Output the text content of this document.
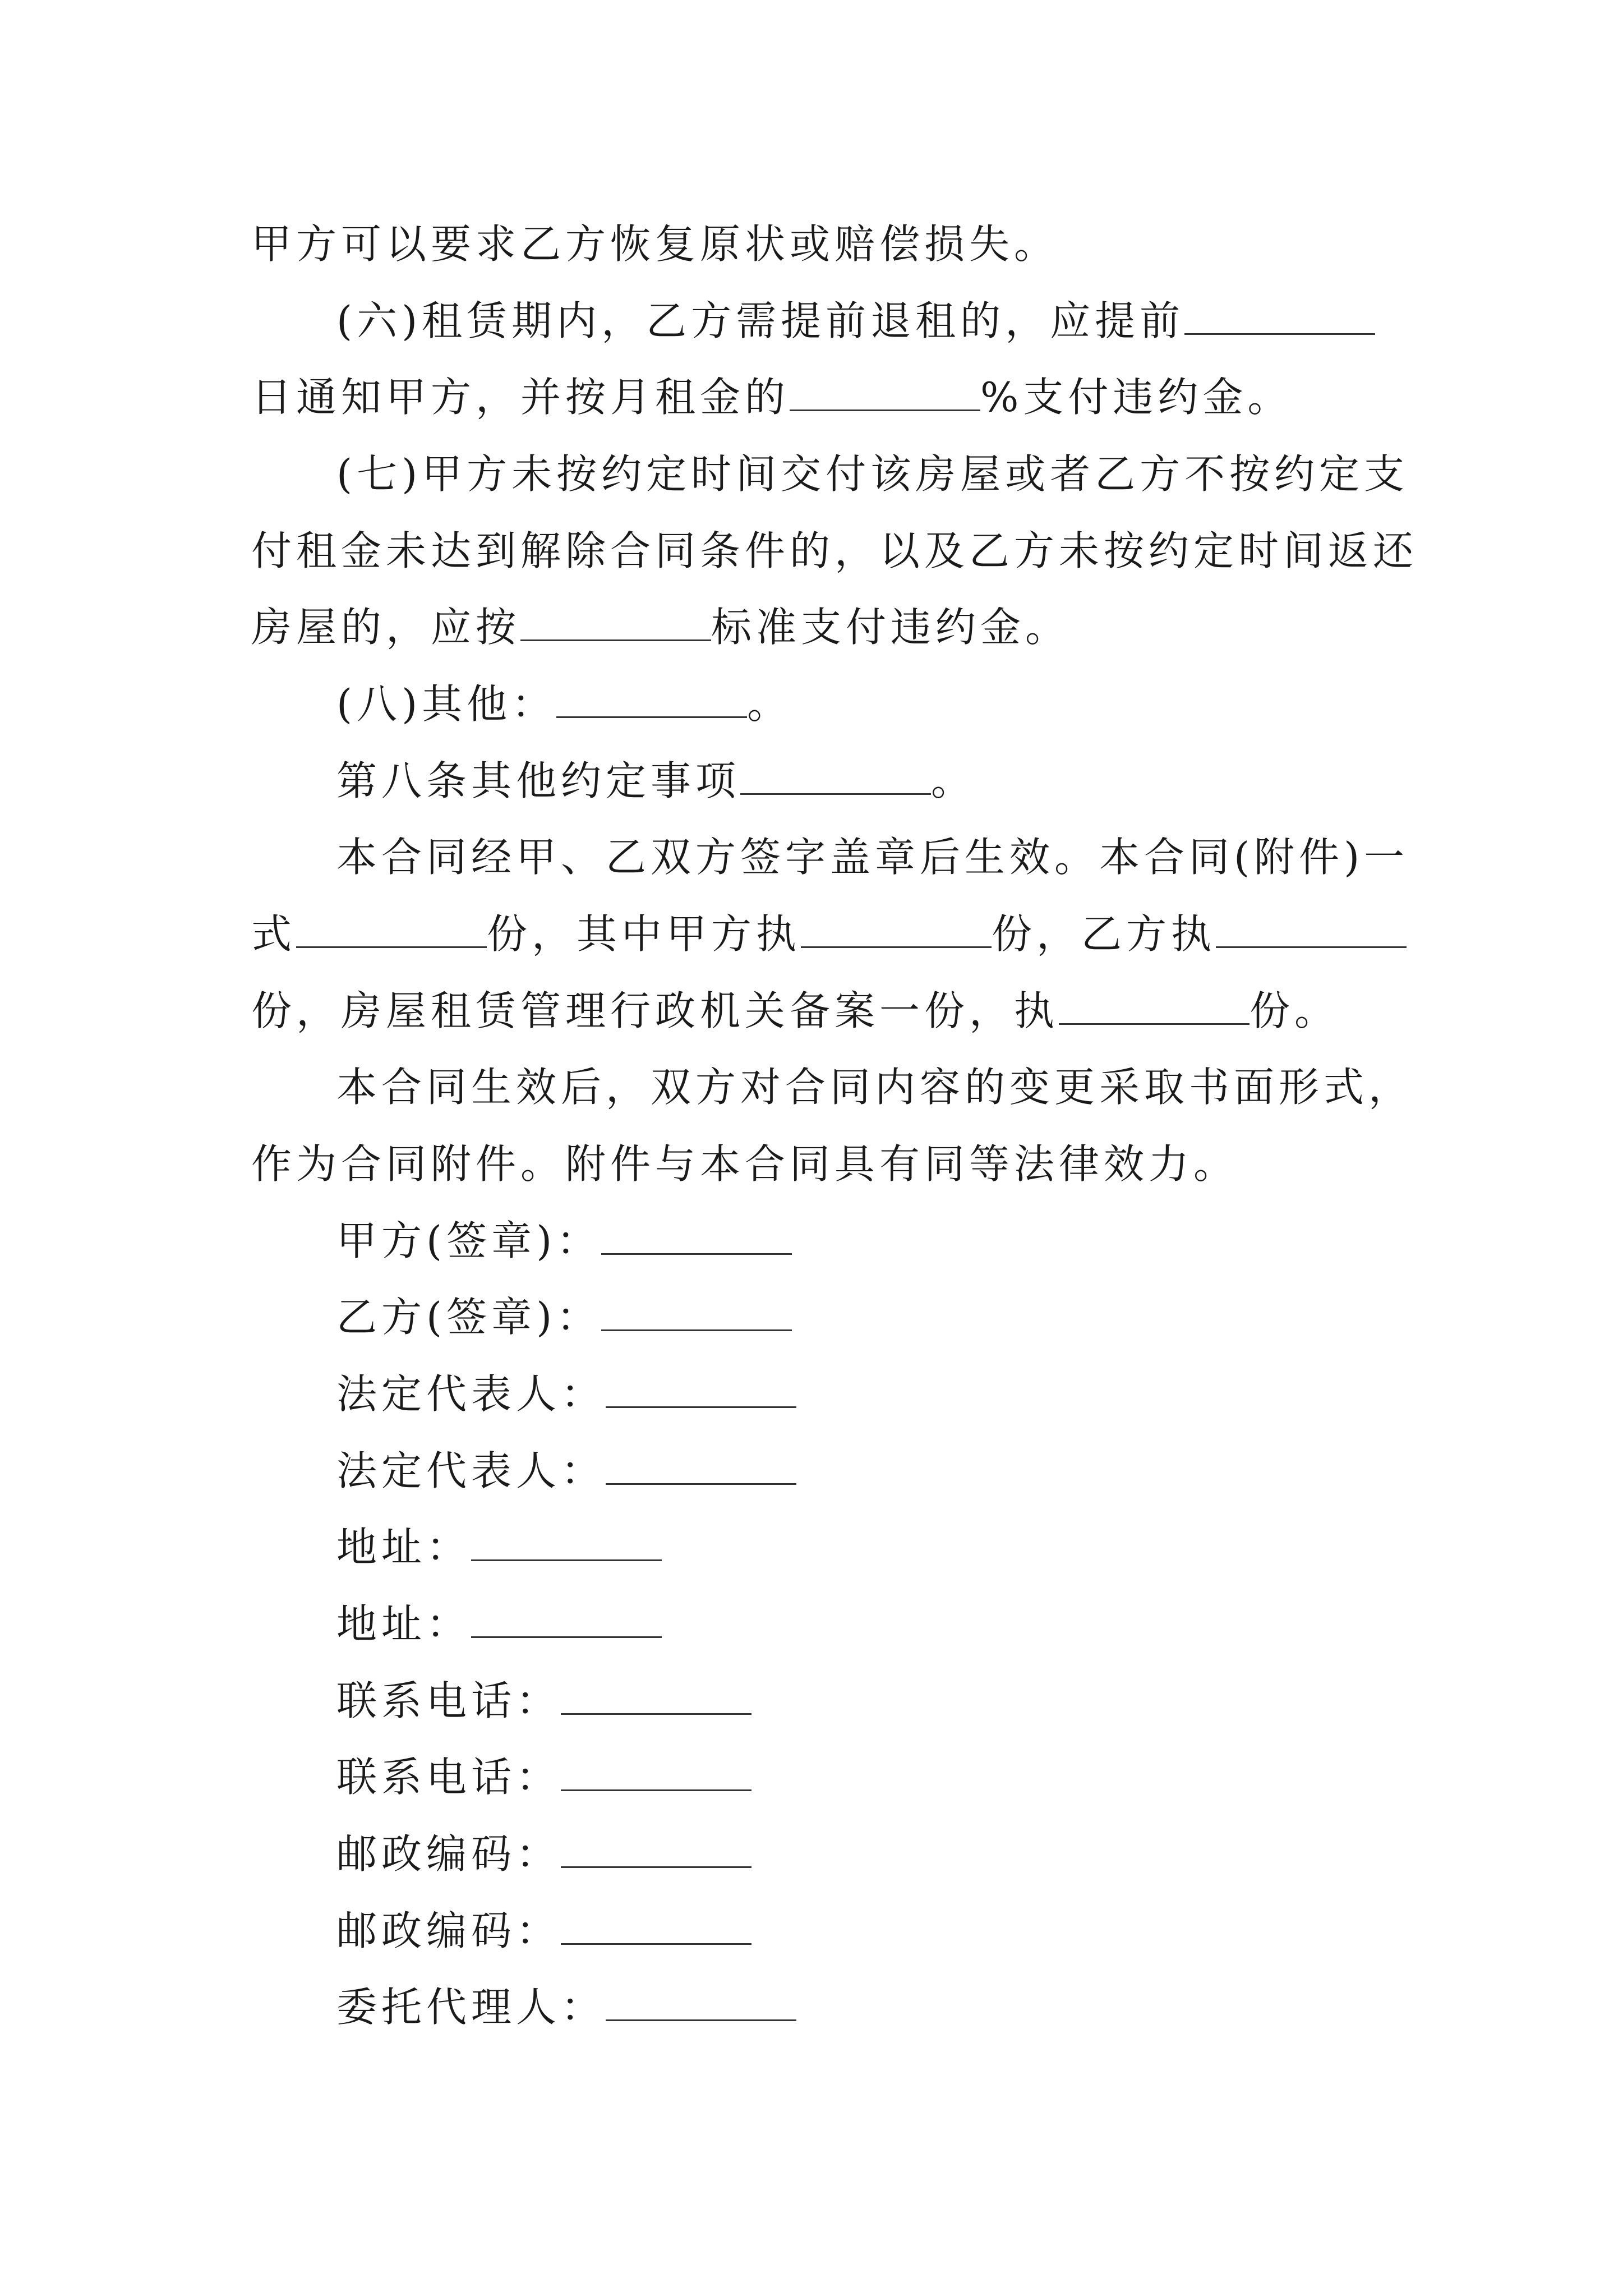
甲方可以要求乙方恢复原状或赔偿损失。
(六)租赁期内，乙方需提前退租的，应提前
日通知甲方，并按月租金的	%支付违约金。
(七)甲方未按约定时间交付该房屋或者乙方不按约定支
付租金未达到解除合同条件的，以及乙方未按约定时间返还
房屋的，应按	标准支付违约金。
(八)其他：	。
第八条其他约定事项	。
本合同经甲、乙双方签字盖章后生效。本合同(附件)一
式	份，其中甲方执	份，乙方执
份，房屋租赁管理行政机关备案一份，执	份。
本合同生效后，双方对合同内容的变更采取书面形式，
作为合同附件。附件与本合同具有同等法律效力。
甲方(签章)：
乙方(签章)：
法定代表人：
法定代表人：
地址：
地址：
联系电话：
联系电话：
邮政编码：
邮政编码：
委托代理人：
